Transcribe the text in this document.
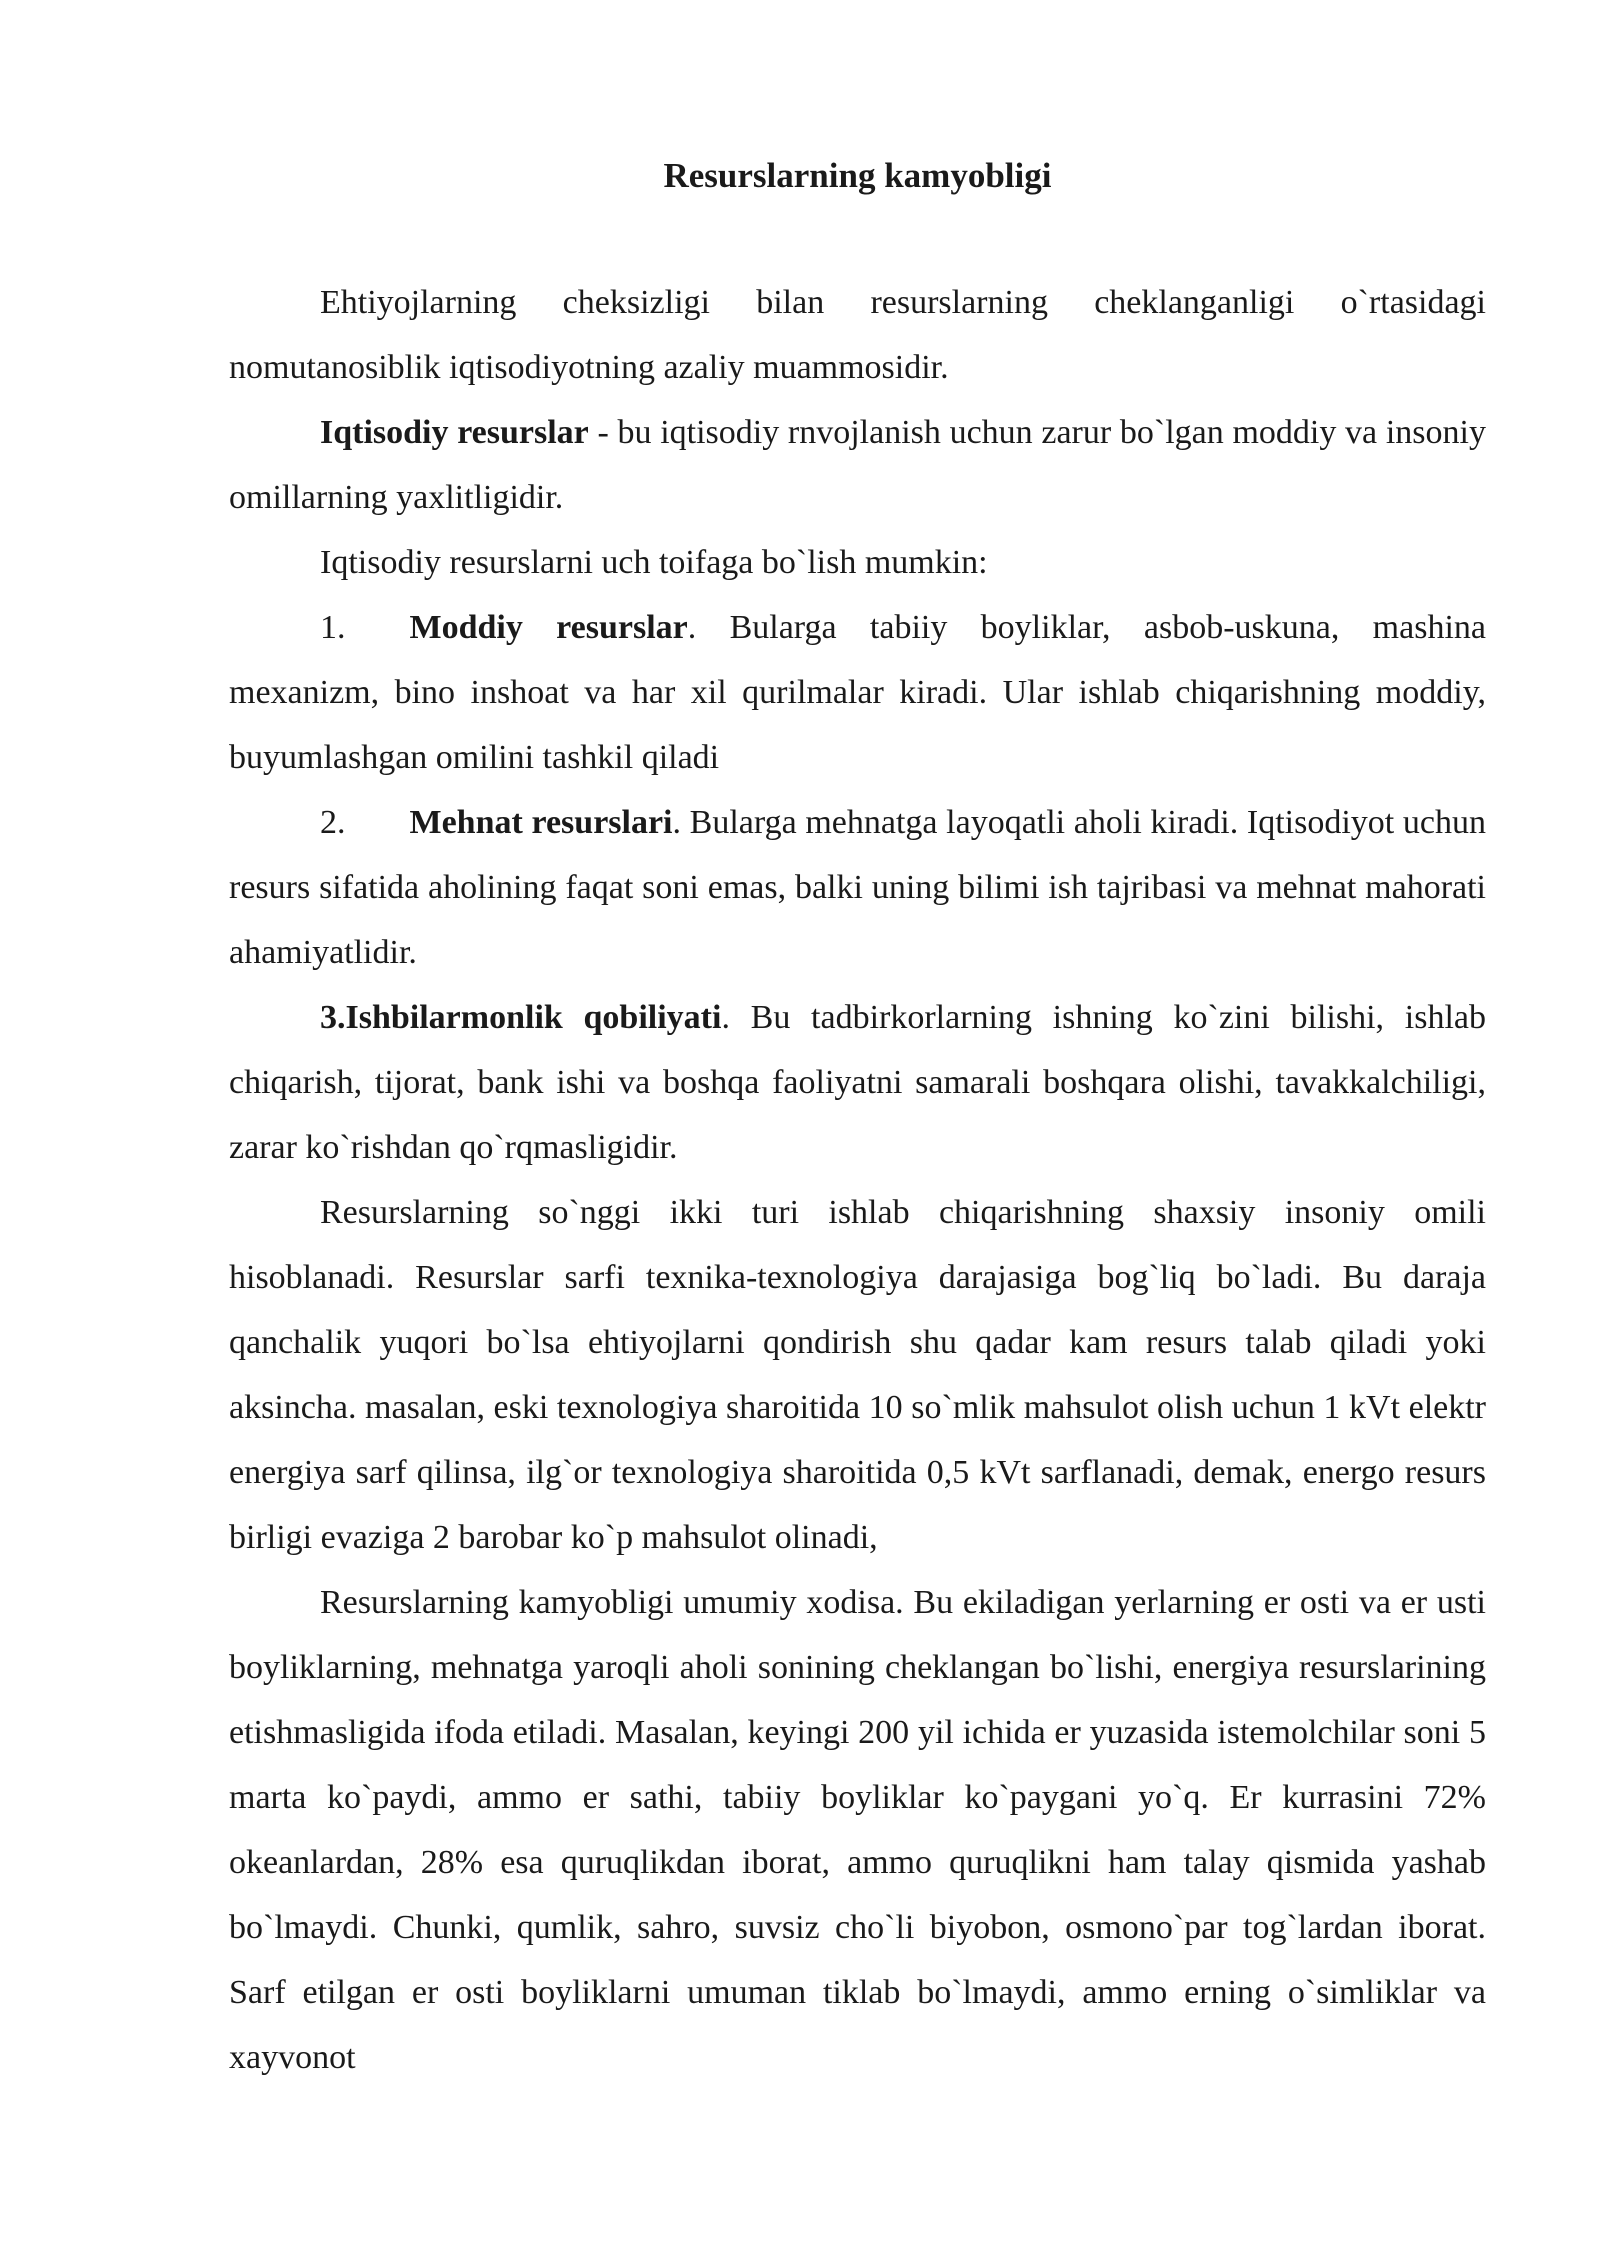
Resurslarning kamyobligi

Ehtiyojlarning cheksizligi bilan resurslarning cheklanganligi o`rtasidagi nomutanosiblik iqtisodiyotning azaliy muammosidir.

Iqtisodiy resurslar - bu iqtisodiy rnvojlanish uchun zarur bo`lgan moddiy va insoniy omillarning yaxlitligidir.

Iqtisodiy resurslarni uch toifaga bo`lish mumkin:

1. Moddiy resurslar. Bularga tabiiy boyliklar, asbob-uskuna, mashina mexanizm, bino inshoat va har xil qurilmalar kiradi. Ular ishlab chiqarishning moddiy, buyumlashgan omilini tashkil qiladi

2. Mehnat resurslari. Bularga mehnatga layoqatli aholi kiradi. Iqtisodiyot uchun resurs sifatida aholining faqat soni emas, balki uning bilimi ish tajribasi va mehnat mahorati ahamiyatlidir.

3.Ishbilarmonlik qobiliyati. Bu tadbirkorlarning ishning ko`zini bilishi, ishlab chiqarish, tijorat, bank ishi va boshqa faoliyatni samarali boshqara olishi, tavakkalchiligi, zarar ko`rishdan qo`rqmasligidir.

Resurslarning so`nggi ikki turi ishlab chiqarishning shaxsiy insoniy omili hisoblanadi. Resurslar sarfi texnika-texnologiya darajasiga bog`liq bo`ladi. Bu daraja qanchalik yuqori bo`lsa ehtiyojlarni qondirish shu qadar kam resurs talab qiladi yoki aksincha. masalan, eski texnologiya sharoitida 10 so`mlik mahsulot olish uchun 1 kVt elektr energiya sarf qilinsa, ilg`or texnologiya sharoitida 0,5 kVt sarflanadi, demak, energo resurs birligi evaziga 2 barobar ko`p mahsulot olinadi,

Resurslarning kamyobligi umumiy xodisa. Bu ekiladigan yerlarning er osti va er usti boyliklarning, mehnatga yaroqli aholi sonining cheklangan bo`lishi, energiya resurslarining etishmasligida ifoda etiladi. Masalan, keyingi 200 yil ichida er yuzasida istemolchilar soni 5 marta ko`paydi, ammo er sathi, tabiiy boyliklar ko`paygani yo`q. Er kurrasini 72% okeanlardan, 28% esa quruqlikdan iborat, ammo quruqlikni ham talay qismida yashab bo`lmaydi. Chunki, qumlik, sahro, suvsiz cho`li biyobon, osmono`par tog`lardan iborat. Sarf etilgan er osti boyliklarni umuman tiklab bo`lmaydi, ammo erning o`simliklar va xayvonot
